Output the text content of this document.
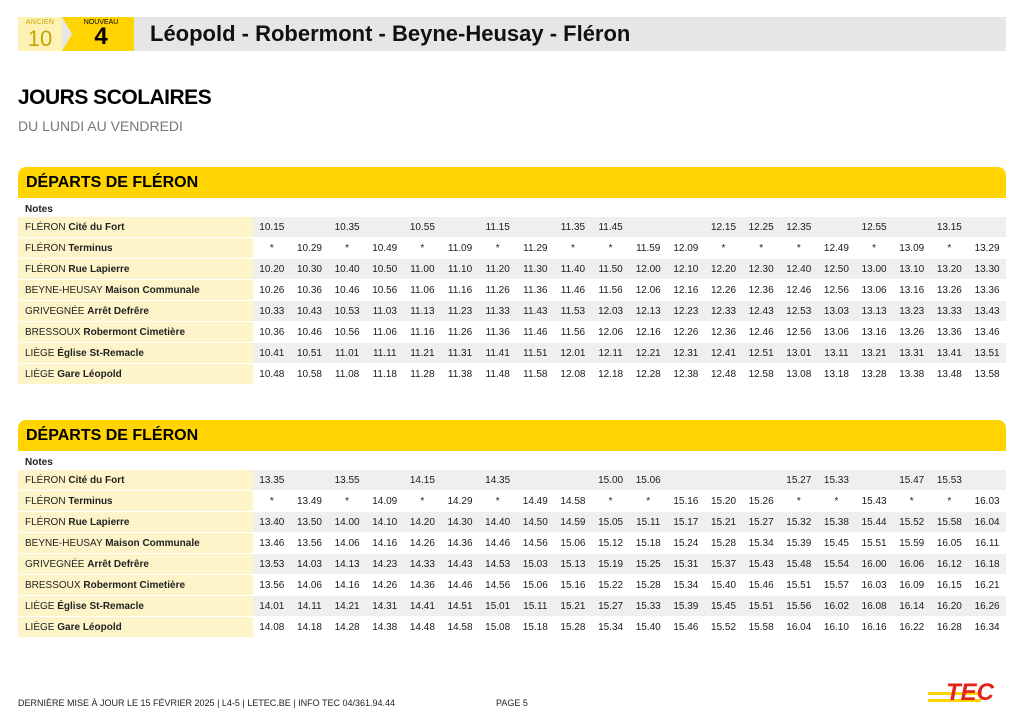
ANCIEN
10
NOUVEAU
4	Léopold - Robermont - Beyne-Heusay - Fléron
JOURS SCOLAIRES
DU LUNDI AU VENDREDI
DÉPARTS DE FLÉRON
Notes																				
FLÉRON Cité du Fort	10.15		10.35		10.55		11.15		11.35	11.45			12.15	12.25	12.35		12.55		13.15	
FLÉRON Terminus	*	10.29	*	10.49	*	11.09	*	11.29	*	*	11.59	12.09	*	*	*	12.49	*	13.09	*	13.29
FLÉRON Rue Lapierre	10.20	10.30	10.40	10.50	11.00	11.10	11.20	11.30	11.40	11.50	12.00	12.10	12.20	12.30	12.40	12.50	13.00	13.10	13.20	13.30
BEYNE-HEUSAY Maison Communale	10.26	10.36	10.46	10.56	11.06	11.16	11.26	11.36	11.46	11.56	12.06	12.16	12.26	12.36	12.46	12.56	13.06	13.16	13.26	13.36
GRIVEGNÉE Arrêt Defrêre	10.33	10.43	10.53	11.03	11.13	11.23	11.33	11.43	11.53	12.03	12.13	12.23	12.33	12.43	12.53	13.03	13.13	13.23	13.33	13.43
BRESSOUX Robermont Cimetière	10.36	10.46	10.56	11.06	11.16	11.26	11.36	11.46	11.56	12.06	12.16	12.26	12.36	12.46	12.56	13.06	13.16	13.26	13.36	13.46
LIÈGE Église St-Remacle	10.41	10.51	11.01	11.11	11.21	11.31	11.41	11.51	12.01	12.11	12.21	12.31	12.41	12.51	13.01	13.11	13.21	13.31	13.41	13.51
LIÈGE Gare Léopold	10.48	10.58	11.08	11.18	11.28	11.38	11.48	11.58	12.08	12.18	12.28	12.38	12.48	12.58	13.08	13.18	13.28	13.38	13.48	13.58
DÉPARTS DE FLÉRON
Notes																				
FLÉRON Cité du Fort	13.35		13.55		14.15		14.35			15.00	15.06				15.27	15.33		15.47	15.53	
FLÉRON Terminus	*	13.49	*	14.09	*	14.29	*	14.49	14.58	*	*	15.16	15.20	15.26	*	*	15.43	*	*	16.03
FLÉRON Rue Lapierre	13.40	13.50	14.00	14.10	14.20	14.30	14.40	14.50	14.59	15.05	15.11	15.17	15.21	15.27	15.32	15.38	15.44	15.52	15.58	16.04
BEYNE-HEUSAY Maison Communale	13.46	13.56	14.06	14.16	14.26	14.36	14.46	14.56	15.06	15.12	15.18	15.24	15.28	15.34	15.39	15.45	15.51	15.59	16.05	16.11
GRIVEGNÉE Arrêt Defrêre	13.53	14.03	14.13	14.23	14.33	14.43	14.53	15.03	15.13	15.19	15.25	15.31	15.37	15.43	15.48	15.54	16.00	16.06	16.12	16.18
BRESSOUX Robermont Cimetière	13.56	14.06	14.16	14.26	14.36	14.46	14.56	15.06	15.16	15.22	15.28	15.34	15.40	15.46	15.51	15.57	16.03	16.09	16.15	16.21
LIÈGE Église St-Remacle	14.01	14.11	14.21	14.31	14.41	14.51	15.01	15.11	15.21	15.27	15.33	15.39	15.45	15.51	15.56	16.02	16.08	16.14	16.20	16.26
LIÈGE Gare Léopold	14.08	14.18	14.28	14.38	14.48	14.58	15.08	15.18	15.28	15.34	15.40	15.46	15.52	15.58	16.04	16.10	16.16	16.22	16.28	16.34
DERNIÈRE MISE À JOUR LE 15 FÉVRIER 2025 | L4-5 | LETEC.BE | INFO TEC 04/361.94.44	PAGE 5	TEC
